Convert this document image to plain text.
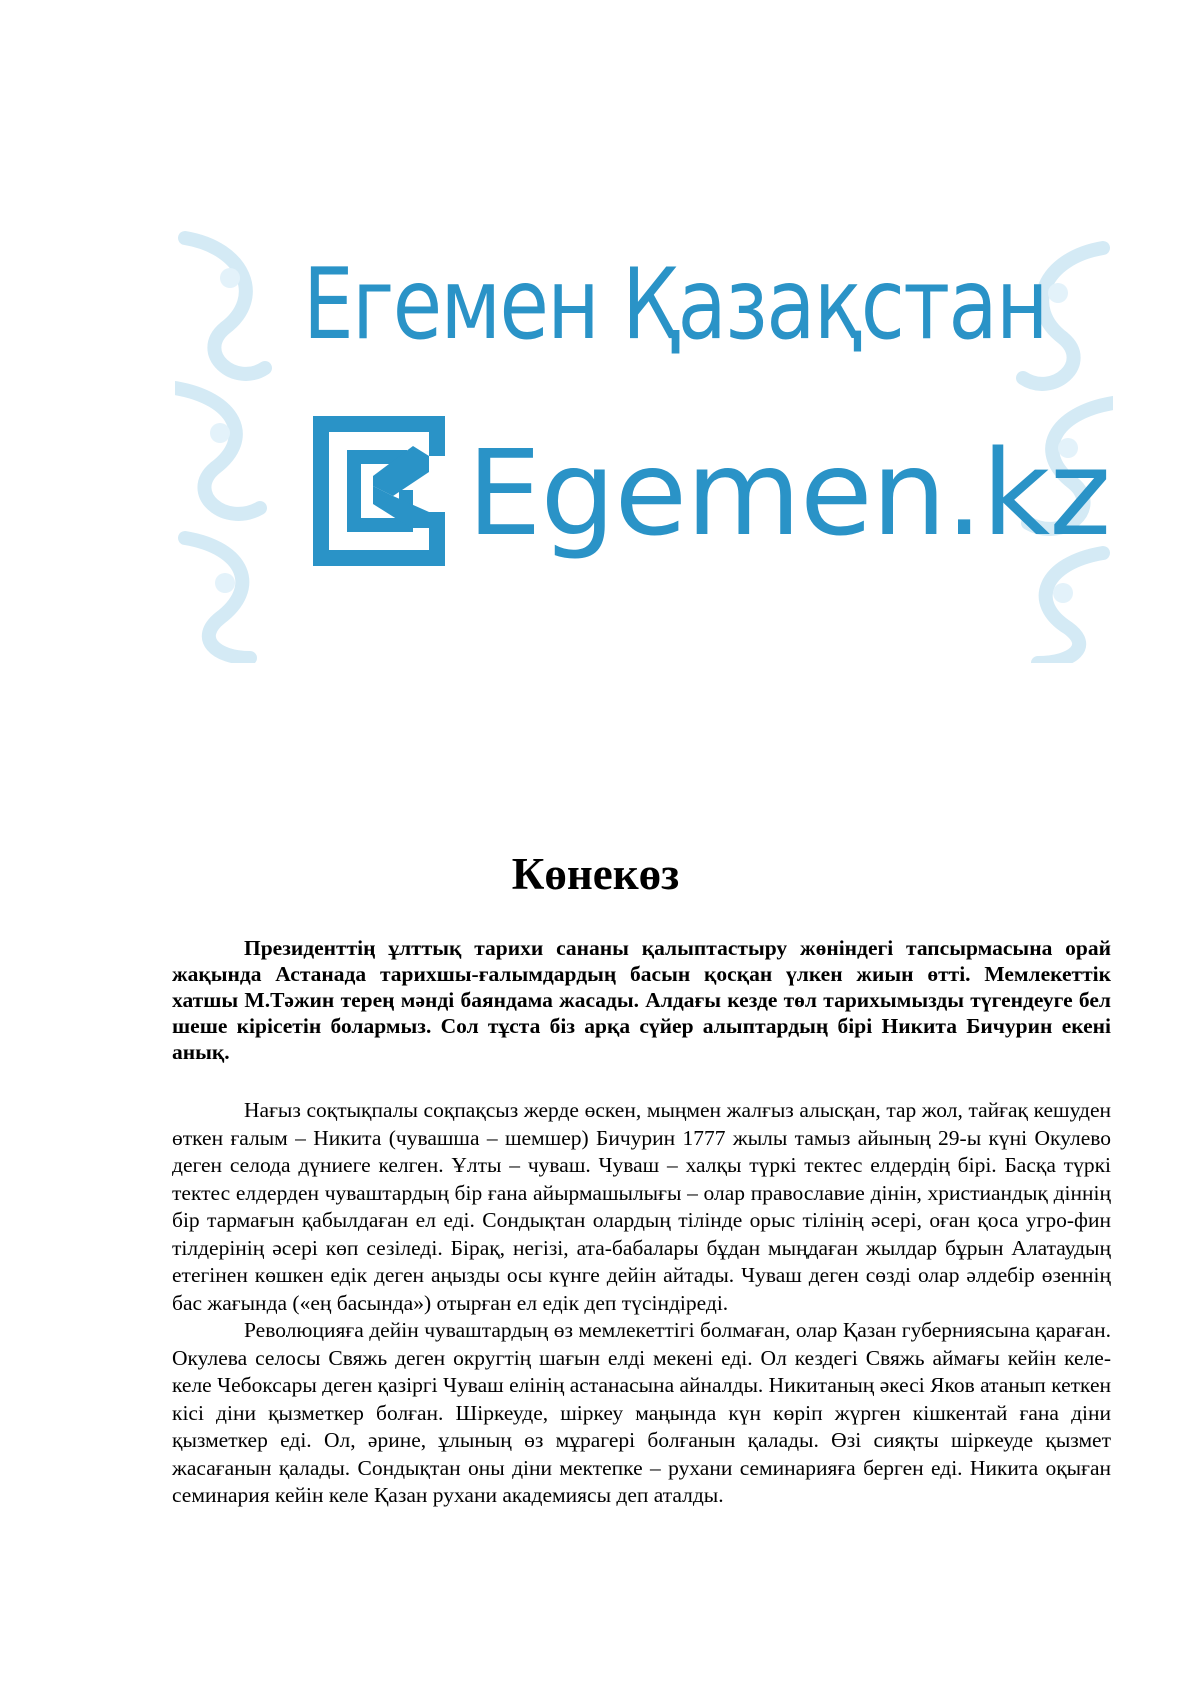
Егемен Қазақстан
Egemen.kz
Көнекөз

Президенттің ұлттық тарихи сананы қалыптастыру жөніндегі тапсырмасына орай жақында Астанада тарихшы-ғалымдардың басын қосқан үлкен жиын өтті. Мемлекеттік хатшы М.Тәжин терең мәнді баяндама жасады. Алдағы кезде төл тарихымызды түгендеуге бел шеше кірісетін болармыз. Сол тұста біз арқа сүйер алыптардың бірі Никита Бичурин екені анық.

Нағыз соқтықпалы соқпақсыз жерде өскен, мыңмен жалғыз алысқан, тар жол, тайғақ кешуден өткен ғалым – Никита (чувашша – шемшер) Бичурин 1777 жылы тамыз айының 29-ы күні Окулево деген селода дүниеге келген. Ұлты – чуваш. Чуваш – халқы түркі тектес елдердің бірі. Басқа түркі тектес елдерден чуваштардың бір ғана айырмашылығы – олар православие дінін, христиандық діннің бір тармағын қабылдаған ел еді. Сондықтан олардың тілінде орыс тілінің әсері, оған қоса угро-фин тілдерінің әсері көп сезіледі. Бірақ, негізі, ата-бабалары бұдан мыңдаған жылдар бұрын Алатаудың етегінен көшкен едік деген аңызды осы күнге дейін айтады. Чуваш деген сөзді олар әлдебір өзеннің бас жағында («ең басында») отырған ел едік деп түсіндіреді.

Революцияға дейін чуваштардың өз мемлекеттігі болмаған, олар Қазан губерниясына қараған. Окулева селосы Свяжь деген округтің шағын елді мекені еді. Ол кездегі Свяжь аймағы кейін келе-келе Чебоксары деген қазіргі Чуваш елінің астанасына айналды. Никитаның әкесі Яков атанып кеткен кісі діни қызметкер болған. Шіркеуде, шіркеу маңында күн көріп жүрген кішкентай ғана діни қызметкер еді. Ол, әрине, ұлының өз мұрагері болғанын қалады. Өзі сияқты шіркеуде қызмет жасағанын қалады. Сондықтан оны діни мектепке – рухани семинарияға берген еді. Никита оқыған семинария кейін келе Қазан рухани академиясы деп аталды.
